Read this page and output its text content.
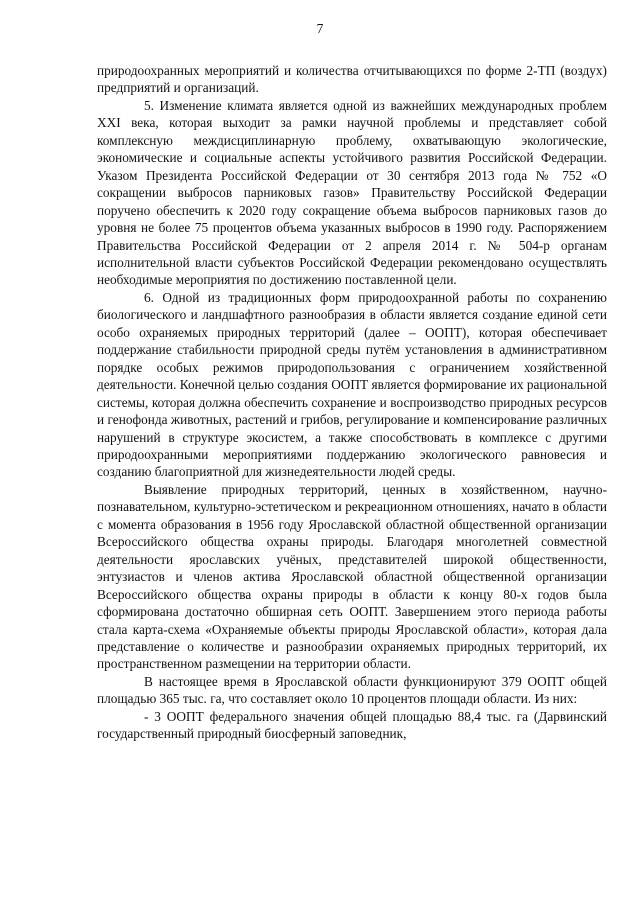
7

природоохранных мероприятий и количества отчитывающихся по форме 2-ТП (воздух) предприятий и организаций.

5. Изменение климата является одной из важнейших международных проблем XXI века, которая выходит за рамки научной проблемы и представляет собой комплексную междисциплинарную проблему, охватывающую экологические, экономические и социальные аспекты устойчивого развития Российской Федерации. Указом Президента Российской Федерации от 30 сентября 2013 года № 752 «О сокращении выбросов парниковых газов» Правительству Российской Федерации поручено обеспечить к 2020 году сокращение объема выбросов парниковых газов до уровня не более 75 процентов объема указанных выбросов в 1990 году. Распоряжением Правительства Российской Федерации от 2 апреля 2014 г. № 504-р органам исполнительной власти субъектов Российской Федерации рекомендовано осуществлять необходимые мероприятия по достижению поставленной цели.

6. Одной из традиционных форм природоохранной работы по сохранению биологического и ландшафтного разнообразия в области является создание единой сети особо охраняемых природных территорий (далее – ООПТ), которая обеспечивает поддержание стабильности природной среды путём установления в административном порядке особых режимов природопользования с ограничением хозяйственной деятельности. Конечной целью создания ООПТ является формирование их рациональной системы, которая должна обеспечить сохранение и воспроизводство природных ресурсов и генофонда животных, растений и грибов, регулирование и компенсирование различных нарушений в структуре экосистем, а также способствовать в комплексе с другими природоохранными мероприятиями поддержанию экологического равновесия и созданию благоприятной для жизнедеятельности людей среды.

Выявление природных территорий, ценных в хозяйственном, научно-познавательном, культурно-эстетическом и рекреационном отношениях, начато в области с момента образования в 1956 году Ярославской областной общественной организации Всероссийского общества охраны природы. Благодаря многолетней совместной деятельности ярославских учёных, представителей широкой общественности, энтузиастов и членов актива Ярославской областной общественной организации Всероссийского общества охраны природы в области к концу 80-х годов была сформирована достаточно обширная сеть ООПТ. Завершением этого периода работы стала карта-схема «Охраняемые объекты природы Ярославской области», которая дала представление о количестве и разнообразии охраняемых природных территорий, их пространственном размещении на территории области.

В настоящее время в Ярославской области функционируют 379 ООПТ общей площадью 365 тыс. га, что составляет около 10 процентов площади области. Из них:

- 3 ООПТ федерального значения общей площадью 88,4 тыс. га (Дарвинский государственный природный биосферный заповедник,
